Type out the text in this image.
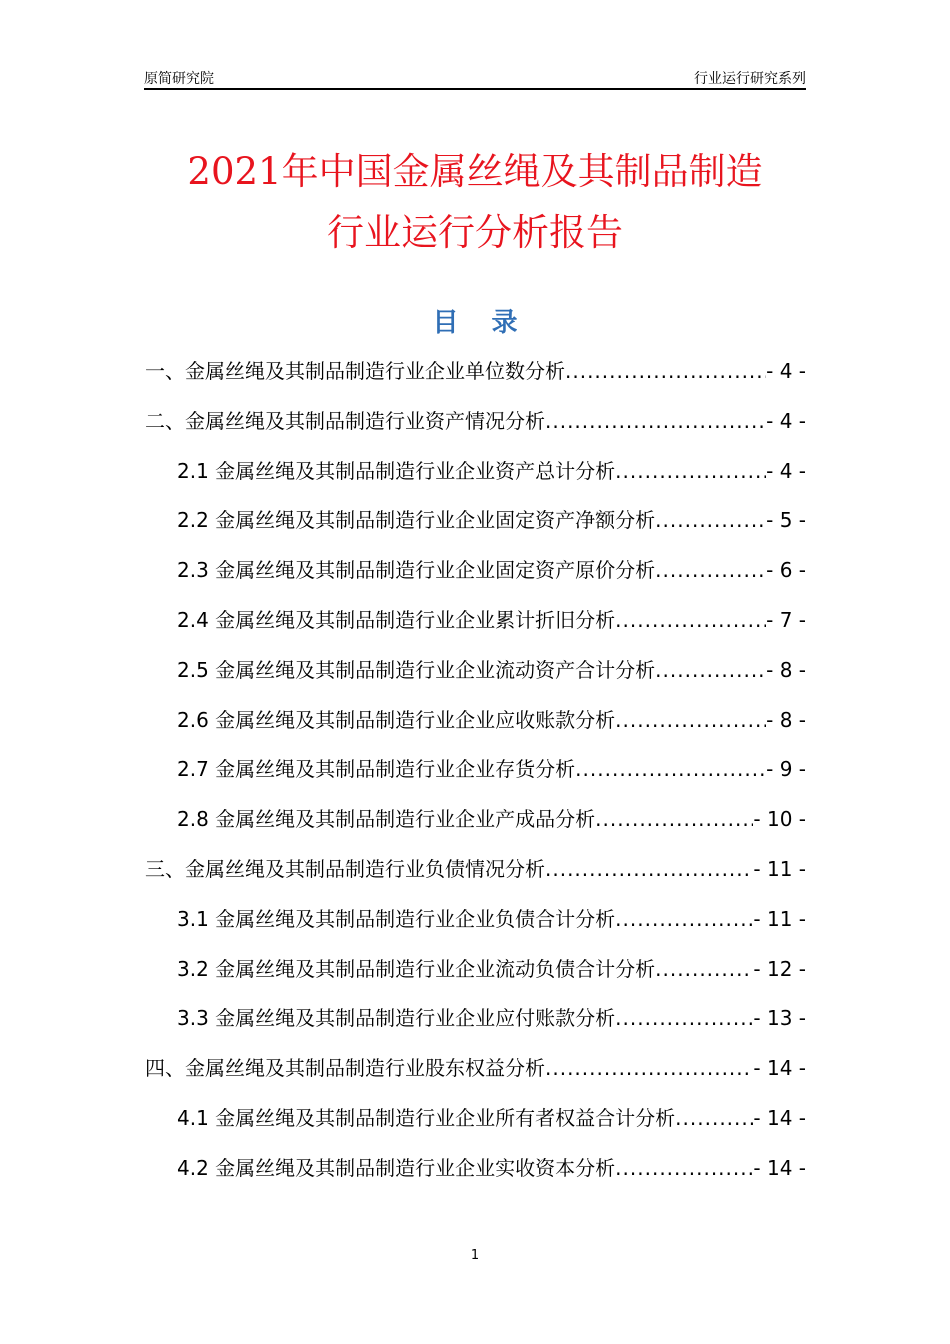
原简研究院	行业运行研究系列
2021年中国金属丝绳及其制品制造
行业运行分析报告
目 录
一、金属丝绳及其制品制造行业企业单位数分析 .....	- 4 -
二、金属丝绳及其制品制造行业资产情况分析 .....	- 4 -
2.1 金属丝绳及其制品制造行业企业资产总计分析 .....	- 4 -
2.2 金属丝绳及其制品制造行业企业固定资产净额分析 .....	- 5 -
2.3 金属丝绳及其制品制造行业企业固定资产原价分析 .....	- 6 -
2.4 金属丝绳及其制品制造行业企业累计折旧分析 .....	- 7 -
2.5 金属丝绳及其制品制造行业企业流动资产合计分析 .....	- 8 -
2.6 金属丝绳及其制品制造行业企业应收账款分析 .....	- 8 -
2.7 金属丝绳及其制品制造行业企业存货分析 .....	- 9 -
2.8 金属丝绳及其制品制造行业企业产成品分析 .....	- 10 -
三、金属丝绳及其制品制造行业负债情况分析 .....	- 11 -
3.1 金属丝绳及其制品制造行业企业负债合计分析 .....	- 11 -
3.2 金属丝绳及其制品制造行业企业流动负债合计分析 .....	- 12 -
3.3 金属丝绳及其制品制造行业企业应付账款分析 .....	- 13 -
四、金属丝绳及其制品制造行业股东权益分析 .....	- 14 -
4.1 金属丝绳及其制品制造行业企业所有者权益合计分析 .....	- 14 -
4.2 金属丝绳及其制品制造行业企业实收资本分析 .....	- 14 -
1
